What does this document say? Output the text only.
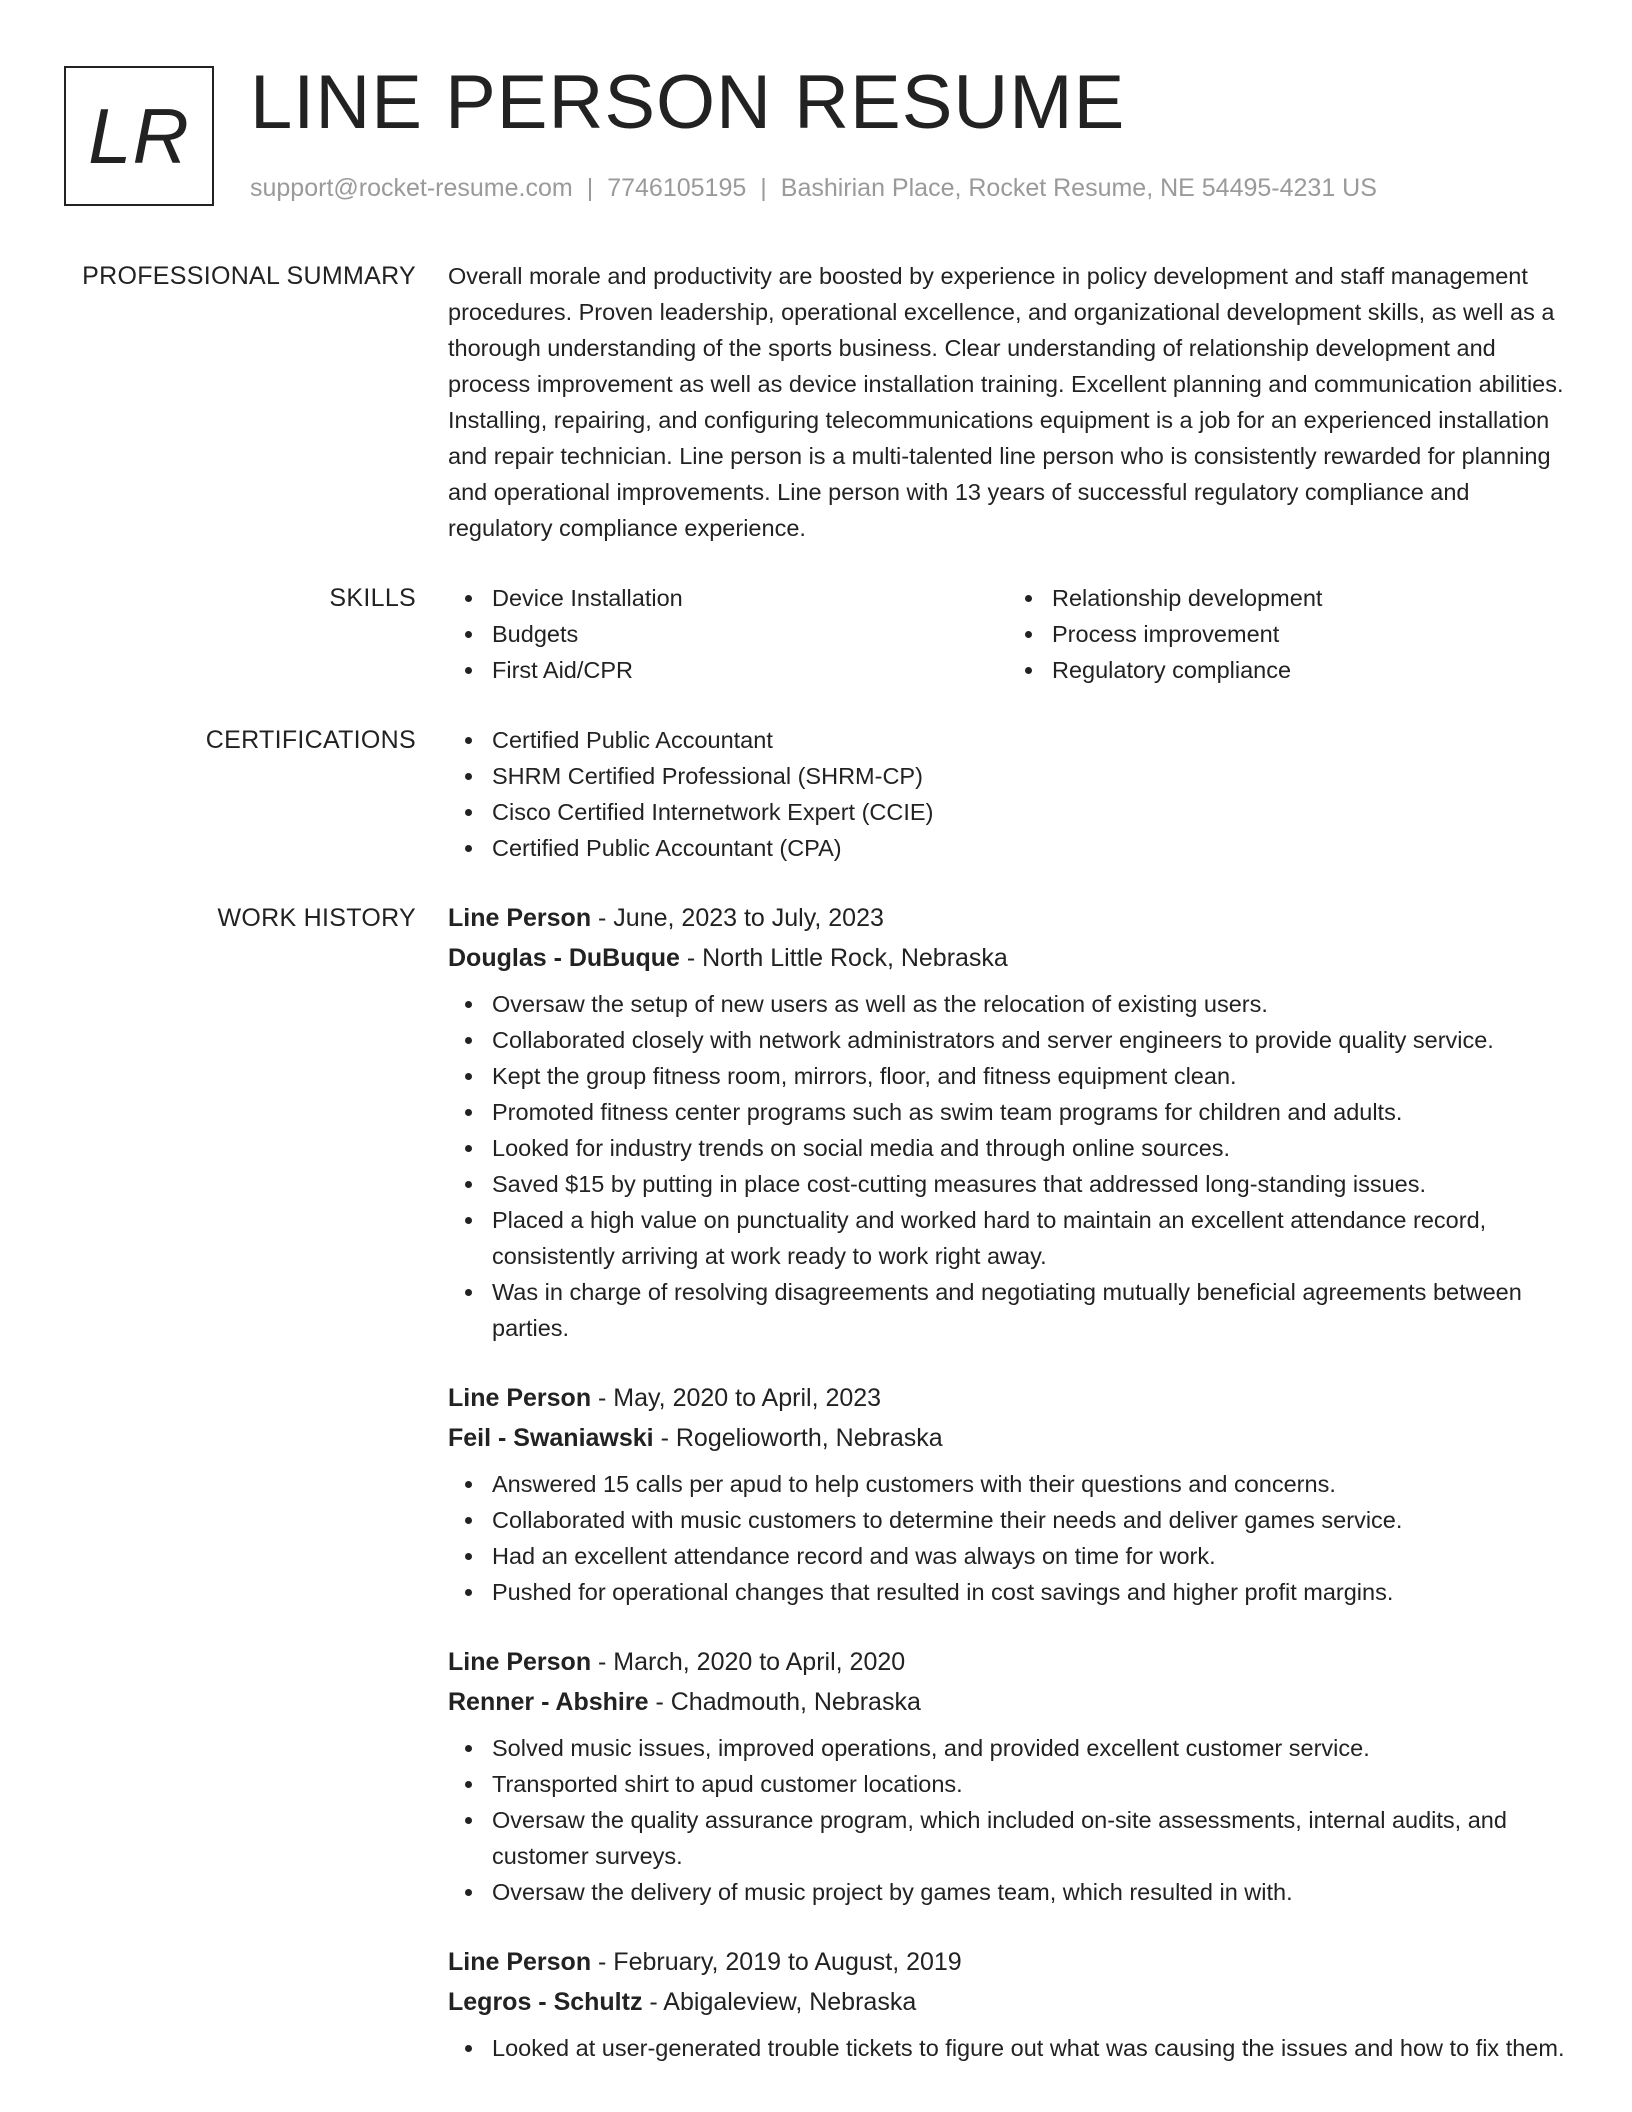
LR LINE PERSON RESUME
support@rocket-resume.com | 7746105195 | Bashirian Place, Rocket Resume, NE 54495-4231 US
PROFESSIONAL SUMMARY Overall morale and productivity are boosted by experience in policy development and staff management procedures. Proven leadership, operational excellence, and organizational development skills, as well as a thorough understanding of the sports business. Clear understanding of relationship development and process improvement as well as device installation training. Excellent planning and communication abilities. Installing, repairing, and configuring telecommunications equipment is a job for an experienced installation and repair technician. Line person is a multi-talented line person who is consistently rewarded for planning and operational improvements. Line person with 13 years of successful regulatory compliance and regulatory compliance experience.

SKILLS	Device Installation
Budgets
First Aid/CPR
Relationship development
Process improvement
Regulatory compliance
CERTIFICATIONS	Certified Public Accountant
SHRM Certified Professional (SHRM-CP)
Cisco Certified Internetwork Expert (CCIE)
Certified Public Accountant (CPA)
WORK HISTORY Line Person - June, 2023 to July, 2023
Douglas - DuBuque - North Little Rock, Nebraska
Oversaw the setup of new users as well as the relocation of existing users.
Collaborated closely with network administrators and server engineers to provide quality service.
Kept the group fitness room, mirrors, floor, and fitness equipment clean.
Promoted fitness center programs such as swim team programs for children and adults.
Looked for industry trends on social media and through online sources.
Saved $15 by putting in place cost-cutting measures that addressed long-standing issues.
Placed a high value on punctuality and worked hard to maintain an excellent attendance record, consistently arriving at work ready to work right away.
Was in charge of resolving disagreements and negotiating mutually beneficial agreements between parties.
Line Person - May, 2020 to April, 2023
Feil - Swaniawski - Rogelioworth, Nebraska
Answered 15 calls per apud to help customers with their questions and concerns.
Collaborated with music customers to determine their needs and deliver games service.
Had an excellent attendance record and was always on time for work.
Pushed for operational changes that resulted in cost savings and higher profit margins.
Line Person - March, 2020 to April, 2020
Renner - Abshire - Chadmouth, Nebraska
Solved music issues, improved operations, and provided excellent customer service.
Transported shirt to apud customer locations.
Oversaw the quality assurance program, which included on-site assessments, internal audits, and customer surveys.
Oversaw the delivery of music project by games team, which resulted in with.
Line Person - February, 2019 to August, 2019
Legros - Schultz - Abigaleview, Nebraska
Looked at user-generated trouble tickets to figure out what was causing the issues and how to fix them.
